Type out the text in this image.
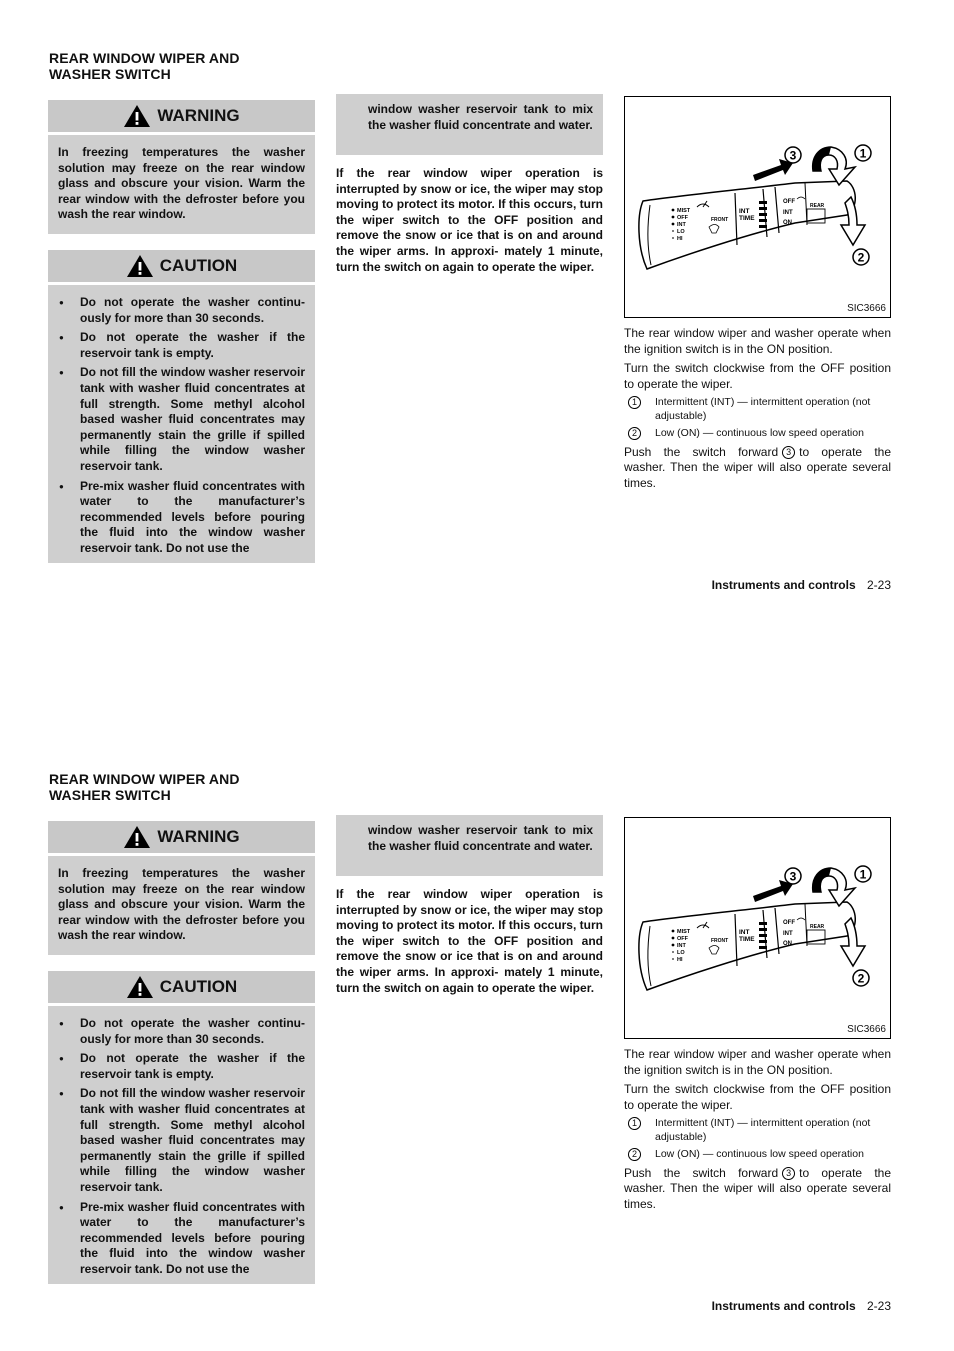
REAR WINDOW WIPER AND WASHER SWITCH
WARNING
In freezing temperatures the washer solution may freeze on the rear window glass and obscure your vision. Warm the rear window with the defroster before you wash the rear window.
CAUTION
● Do not operate the washer continu- ously for more than 30 seconds.
● Do not operate the washer if the reservoir tank is empty.
● Do not fill the window washer reservoir tank with washer fluid concentrates at full strength. Some methyl alcohol based washer fluid concentrates may permanently stain the grille if spilled while filling the window washer reservoir tank.
● Pre-mix washer fluid concentrates with water to the manufacturer’s recommended levels before pouring the fluid into the window washer reservoir tank. Do not use the
window washer reservoir tank to mix the washer fluid concentrate and water.
If the rear window wiper operation is interrupted by snow or ice, the wiper may stop moving to protect its motor. If this occurs, turn the wiper switch to the OFF position and remove the snow or ice that is on and around the wiper arms. In approxi- mately 1 minute, turn the switch on again to operate the wiper.
MIST
OFF
INT
LO
HI
FRONT
INT
TIME
OFF
INT
ON
REAR
3	1
2
SIC3666

The rear window wiper and washer operate when the ignition switch is in the ON position.

Turn the switch clockwise from the OFF position to operate the wiper.

1	Intermittent (INT) — intermittent operation (not adjustable)
2	Low (ON) — continuous low speed operation

Push the switch forward 3 to operate the washer. Then the wiper will also operate several times.

Instruments and controls 2-23
REAR WINDOW WIPER AND WASHER SWITCH
WARNING
In freezing temperatures the washer solution may freeze on the rear window glass and obscure your vision. Warm the rear window with the defroster before you wash the rear window.
CAUTION
● Do not operate the washer continu- ously for more than 30 seconds.
● Do not operate the washer if the reservoir tank is empty.
● Do not fill the window washer reservoir tank with washer fluid concentrates at full strength. Some methyl alcohol based washer fluid concentrates may permanently stain the grille if spilled while filling the window washer reservoir tank.
● Pre-mix washer fluid concentrates with water to the manufacturer’s recommended levels before pouring the fluid into the window washer reservoir tank. Do not use the
window washer reservoir tank to mix the washer fluid concentrate and water.
If the rear window wiper operation is interrupted by snow or ice, the wiper may stop moving to protect its motor. If this occurs, turn the wiper switch to the OFF position and remove the snow or ice that is on and around the wiper arms. In approxi- mately 1 minute, turn the switch on again to operate the wiper.
MIST
OFF
INT
LO
HI
FRONT
INT
TIME
OFF
INT
ON
REAR
3	1
2
SIC3666

The rear window wiper and washer operate when the ignition switch is in the ON position.

Turn the switch clockwise from the OFF position to operate the wiper.

1	Intermittent (INT) — intermittent operation (not adjustable)
2	Low (ON) — continuous low speed operation

Push the switch forward 3 to operate the washer. Then the wiper will also operate several times.

Instruments and controls 2-23
